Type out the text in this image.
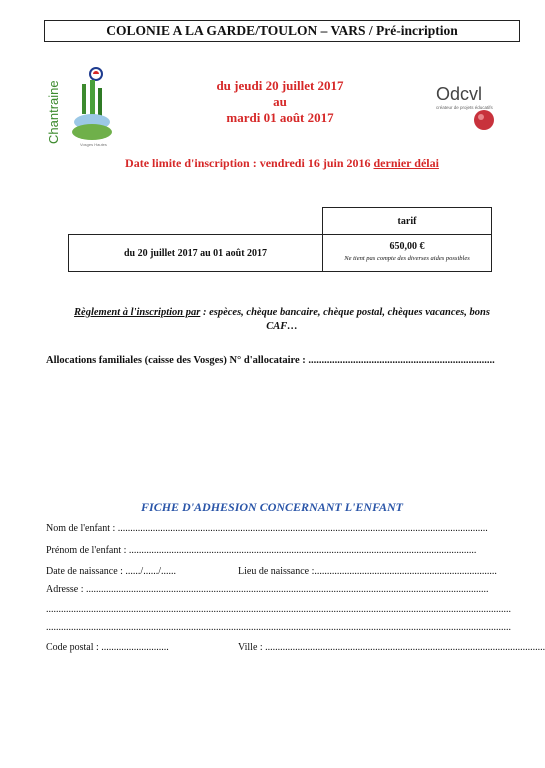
COLONIE A LA GARDE/TOULON – VARS / Pré-incription
Chantraine
Vosges Hautes
du jeudi 20 juillet 2017
au
mardi 01 août 2017
Odcvl
créateur de projets éducatifs
Date limite d'inscription : vendredi 16 juin 2016 dernier délai
	tarif
du 20 juillet 2017 au 01 août 2017	650,00 €
Ne tient pas compte des diverses aides possibles
Règlement à l'inscription par : espèces, chèque bancaire, chèque postal, chèques vacances, bons
CAF…
Allocations familiales (caisse des Vosges) N° d'allocataire : .......................................................................
FICHE D'ADHESION CONCERNANT L'ENFANT
Nom de l'enfant : ....................................................................................................................................................
Prénom de l'enfant : ...........................................................................................................................................
Date de naissance : ....../....../......	Lieu de naissance :.........................................................................
Adresse : .................................................................................................................................................................
..........................................................................................................................................................................................
..........................................................................................................................................................................................
Code postal : ...........................	Ville : ................................................................................................................
